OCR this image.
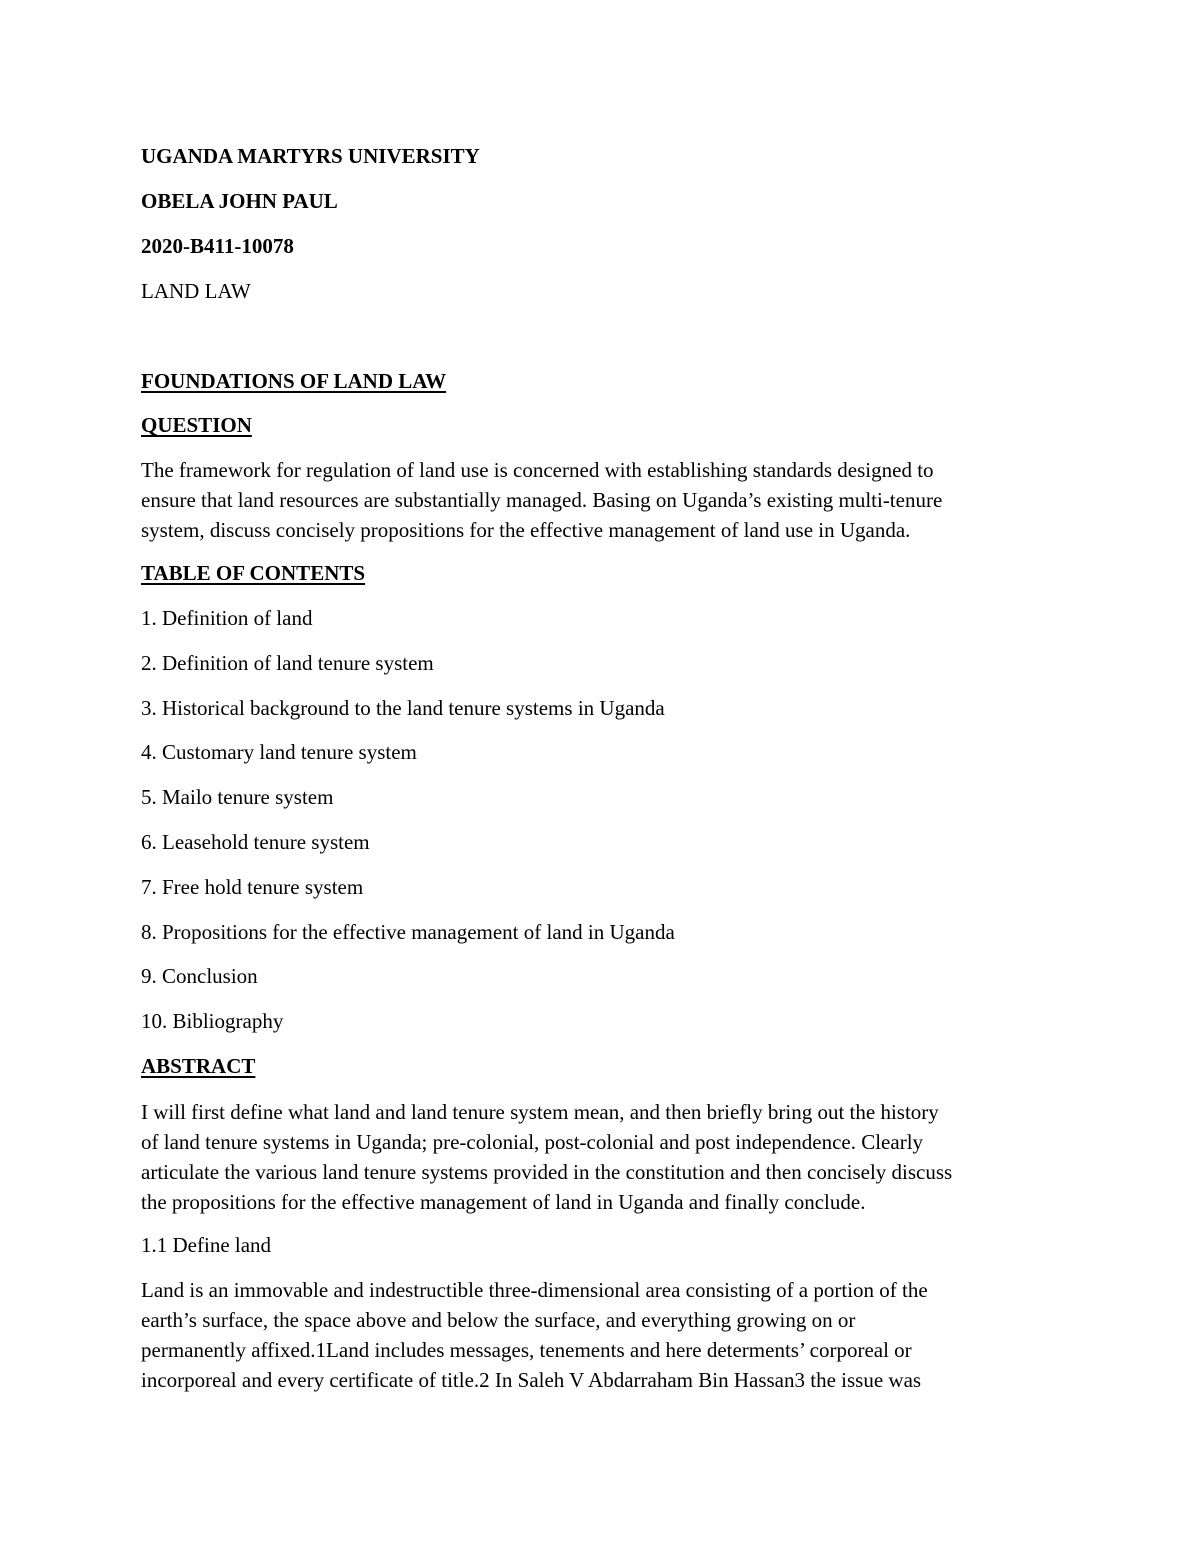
UGANDA MARTYRS UNIVERSITY
OBELA JOHN PAUL
2020-B411-10078
LAND LAW
FOUNDATIONS OF LAND LAW
QUESTION
The framework for regulation of land use is concerned with establishing standards designed to
ensure that land resources are substantially managed. Basing on Uganda’s existing multi-tenure
system, discuss concisely propositions for the effective management of land use in Uganda.
TABLE OF CONTENTS
1. Definition of land
2. Definition of land tenure system
3. Historical background to the land tenure systems in Uganda
4. Customary land tenure system
5. Mailo tenure system
6. Leasehold tenure system
7. Free hold tenure system
8. Propositions for the effective management of land in Uganda
9. Conclusion
10. Bibliography
ABSTRACT
I will first define what land and land tenure system mean, and then briefly bring out the history
of land tenure systems in Uganda; pre-colonial, post-colonial and post independence. Clearly
articulate the various land tenure systems provided in the constitution and then concisely discuss
the propositions for the effective management of land in Uganda and finally conclude.
1.1 Define land
Land is an immovable and indestructible three-dimensional area consisting of a portion of the
earth’s surface, the space above and below the surface, and everything growing on or
permanently affixed.1Land includes messages, tenements and here determents’ corporeal or
incorporeal and every certificate of title.2 In Saleh V Abdarraham Bin Hassan3 the issue was
